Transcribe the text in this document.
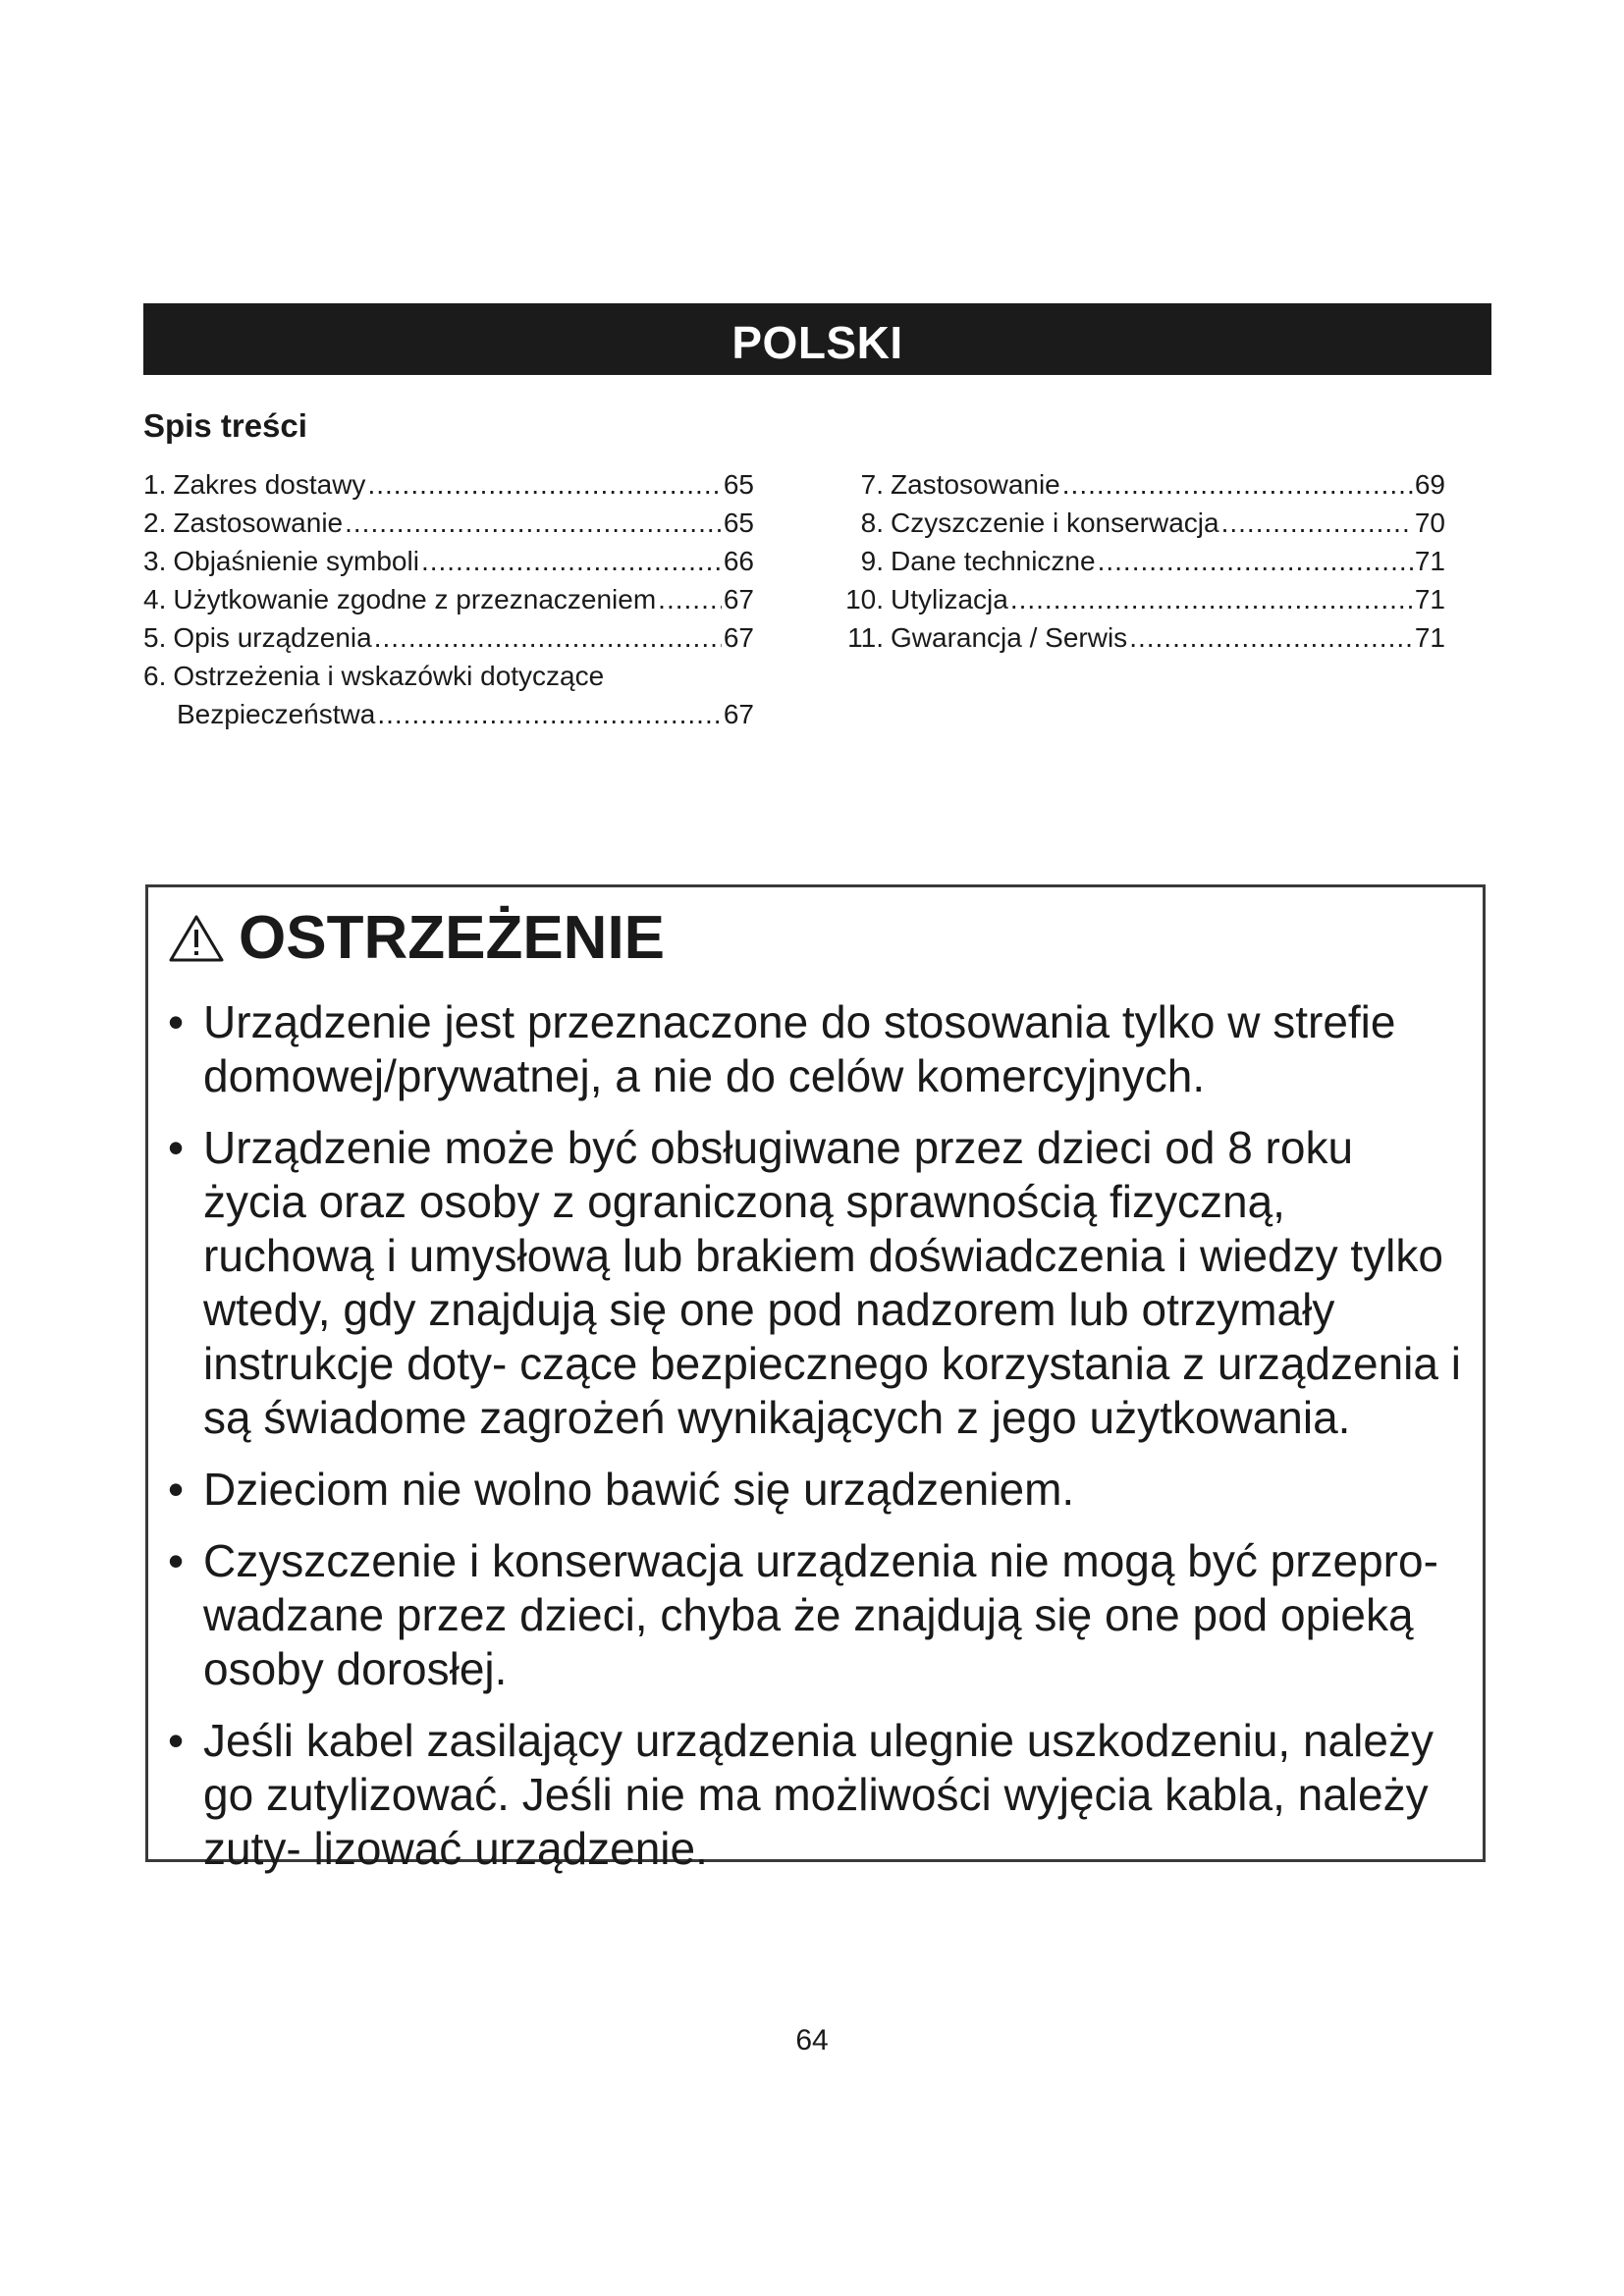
POLSKI
Spis treści
1. Zakres dostawy .....	65
2. Zastosowanie .....	65
3. Objaśnienie symboli .....	66
4. Użytkowanie zgodne z przeznaczeniem ..... 67
5. Opis urządzenia .....	67
6. Ostrzeżenia i wskazówki dotyczące
Bezpieczeństwa .....	67
7. Zastosowanie .....	69
8. Czyszczenie i konserwacja .....	70
9. Dane techniczne .....	71
10. Utylizacja .....	71
11. Gwarancja / Serwis .....	71
OSTRZEŻENIE
• Urządzenie jest przeznaczone do stosowania tylko w strefie domowej/prywatnej, a nie do celów komercyjnych.
• Urządzenie może być obsługiwane przez dzieci od 8 roku życia oraz osoby z ograniczoną sprawnością fizyczną, ruchową i umysłową lub brakiem doświadczenia i wiedzy tylko wtedy, gdy znajdują się one pod nadzorem lub otrzymały instrukcje doty- czące bezpiecznego korzystania z urządzenia i są świadome zagrożeń wynikających z jego użytkowania.
• Dzieciom nie wolno bawić się urządzeniem.
• Czyszczenie i konserwacja urządzenia nie mogą być przepro- wadzane przez dzieci, chyba że znajdują się one pod opieką osoby dorosłej.
• Jeśli kabel zasilający urządzenia ulegnie uszkodzeniu, należy go zutylizować. Jeśli nie ma możliwości wyjęcia kabla, należy zuty- lizować urządzenie.
64
